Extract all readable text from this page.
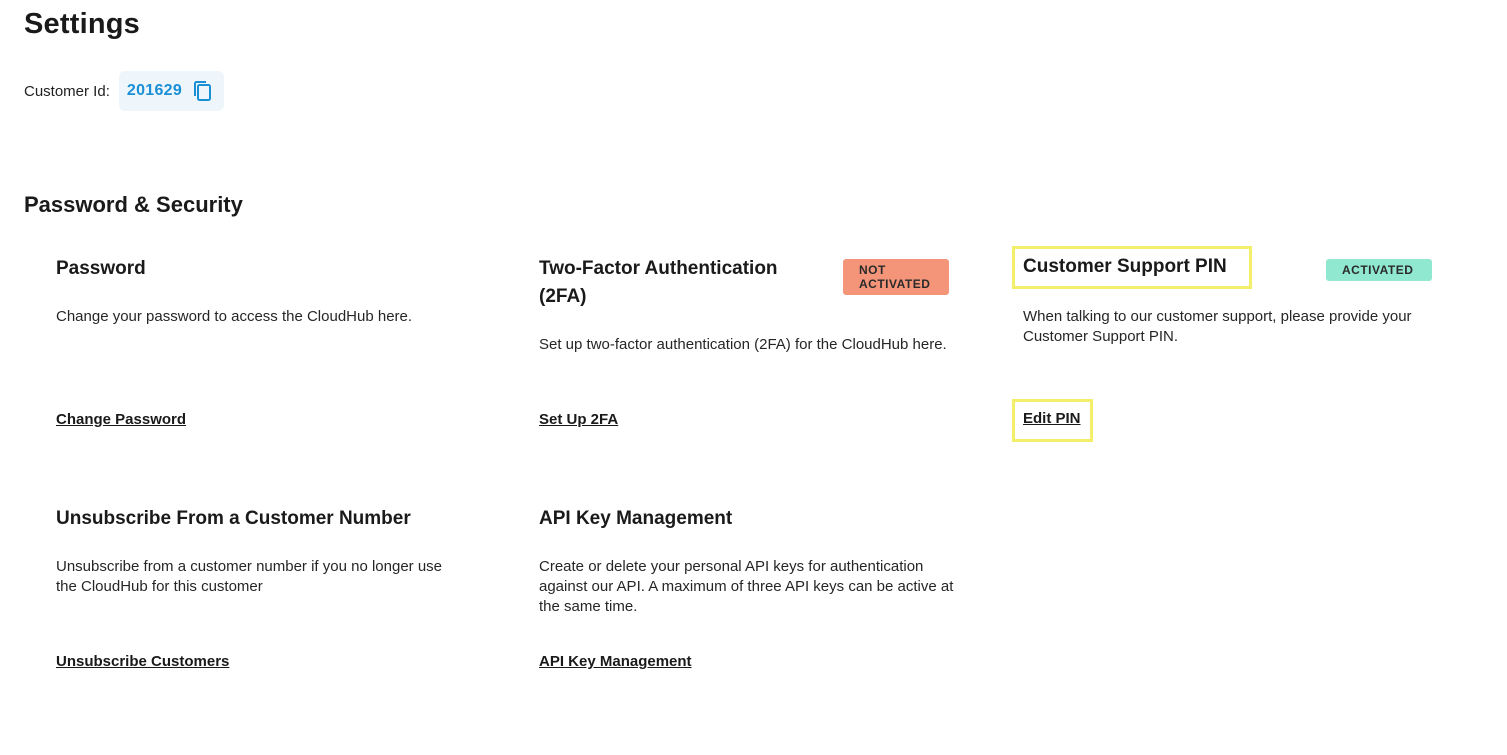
Settings
Customer Id: 201629
Password & Security
Password
Change your password to access the CloudHub here.
Change Password
Two-Factor Authentication (2FA)
Set up two-factor authentication (2FA) for the CloudHub here.
Set Up 2FA
NOT ACTIVATED
Customer Support PIN
When talking to our customer support, please provide your Customer Support PIN.
Edit PIN
ACTIVATED
Unsubscribe From a Customer Number
Unsubscribe from a customer number if you no longer use the CloudHub for this customer
Unsubscribe Customers
API Key Management
Create or delete your personal API keys for authentication against our API. A maximum of three API keys can be active at the same time.
API Key Management
